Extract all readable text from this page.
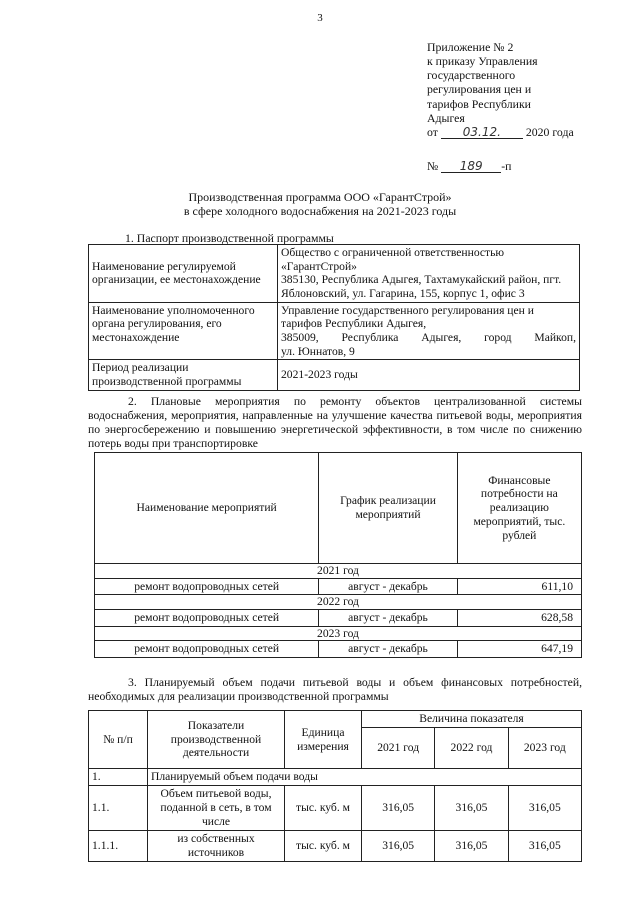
3
Приложение № 2
к приказу Управления
государственного
регулирования цен и
тарифов Республики
Адыгея
от 03.12. 2020 года
№ 189 -п
Производственная программа ООО «ГарантСтрой»
в сфере холодного водоснабжения на 2021-2023 годы
1. Паспорт производственной программы
Наименование регулируемой организации, ее местонахождение	Общество с ограниченной ответственностью «ГарантСтрой»
385130, Республика Адыгея, Тахтамукайский район, пгт. Яблоновский, ул. Гагарина, 155, корпус 1, офис 3

Наименование уполномоченного органа регулирования, его местонахождение	Управление государственного регулирования цен и тарифов Республики Адыгея,
385009, Республика Адыгея, город Майкоп,
ул. Юннатов, 9

Период реализации производственной программы	2021-2023 годы
2. Плановые мероприятия по ремонту объектов централизованной системы водоснабжения, мероприятия, направленные на улучшение качества питьевой воды, мероприятия по энергосбережению и повышению энергетической эффективности, в том числе по снижению потерь воды при транспортировке
Наименование мероприятий	График реализации мероприятий	Финансовые потребности на реализацию мероприятий, тыс. рублей
2021 год		
ремонт водопроводных сетей	август - декабрь	611,10
2022 год		
ремонт водопроводных сетей	август - декабрь	628,58
2023 год		
ремонт водопроводных сетей	август - декабрь	647,19
3. Планируемый объем подачи питьевой воды и объем финансовых потребностей, необходимых для реализации производственной программы
№ п/п	Показатели производственной деятельности	Единица измерения	Величина показателя		
			2021 год	2022 год	2023 год
1.	Планируемый объем подачи воды				
1.1.	Объем питьевой воды, поданной в сеть, в том числе	тыс. куб. м	316,05	316,05	316,05
1.1.1.	из собственных источников	тыс. куб. м	316,05	316,05	316,05
